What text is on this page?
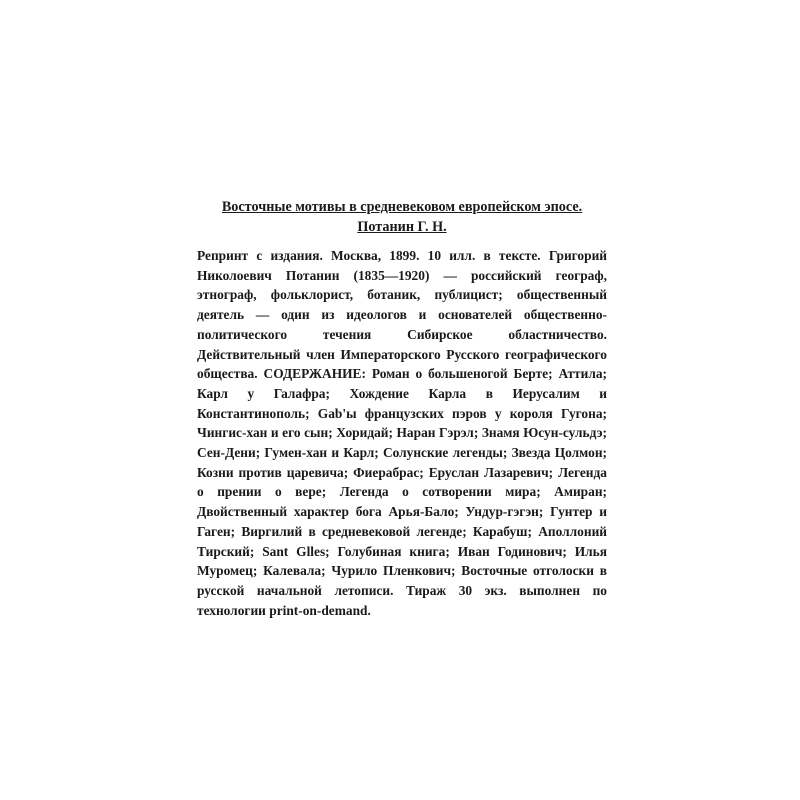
Восточные мотивы в средневековом европейском эпосе.

Потанин Г. Н.

Репринт с издания. Москва, 1899. 10 илл. в тексте. Григорий Николоевич Потанин (1835—1920) — российский географ, этнограф, фольклорист, ботаник, публицист; общественный деятель — один из идеологов и основателей общественно-политического течения Сибирское областничество. Действительный член Императорского Русского географического общества. СОДЕРЖАНИЕ: Роман о большеногой Берте; Аттила; Карл у Галафра; Хождение Карла в Иерусалим и Константинополь; Gab'ы французских пэров у короля Гугона; Чингис-хан и его сын; Хоридай; Наран Гэрэл; Знамя Юсун-сульдэ; Сен-Дени; Гумен-хан и Карл; Солунские легенды; Звезда Цолмон; Козни против царевича; Фиерабрас; Еруслан Лазаревич; Легенда о прении о вере; Легенда о сотворении мира; Амиран; Двойственный характер бога Арья-Бало; Ундур-гэгэн; Гунтер и Гаген; Виргилий в средневековой легенде; Карабуш; Аполлоний Тирский; Sant Glles; Голубиная книга; Иван Годинович; Илья Муромец; Калевала; Чурило Пленкович; Восточные отголоски в русской начальной летописи. Тираж 30 экз. выполнен по технологии print-on-demand.
